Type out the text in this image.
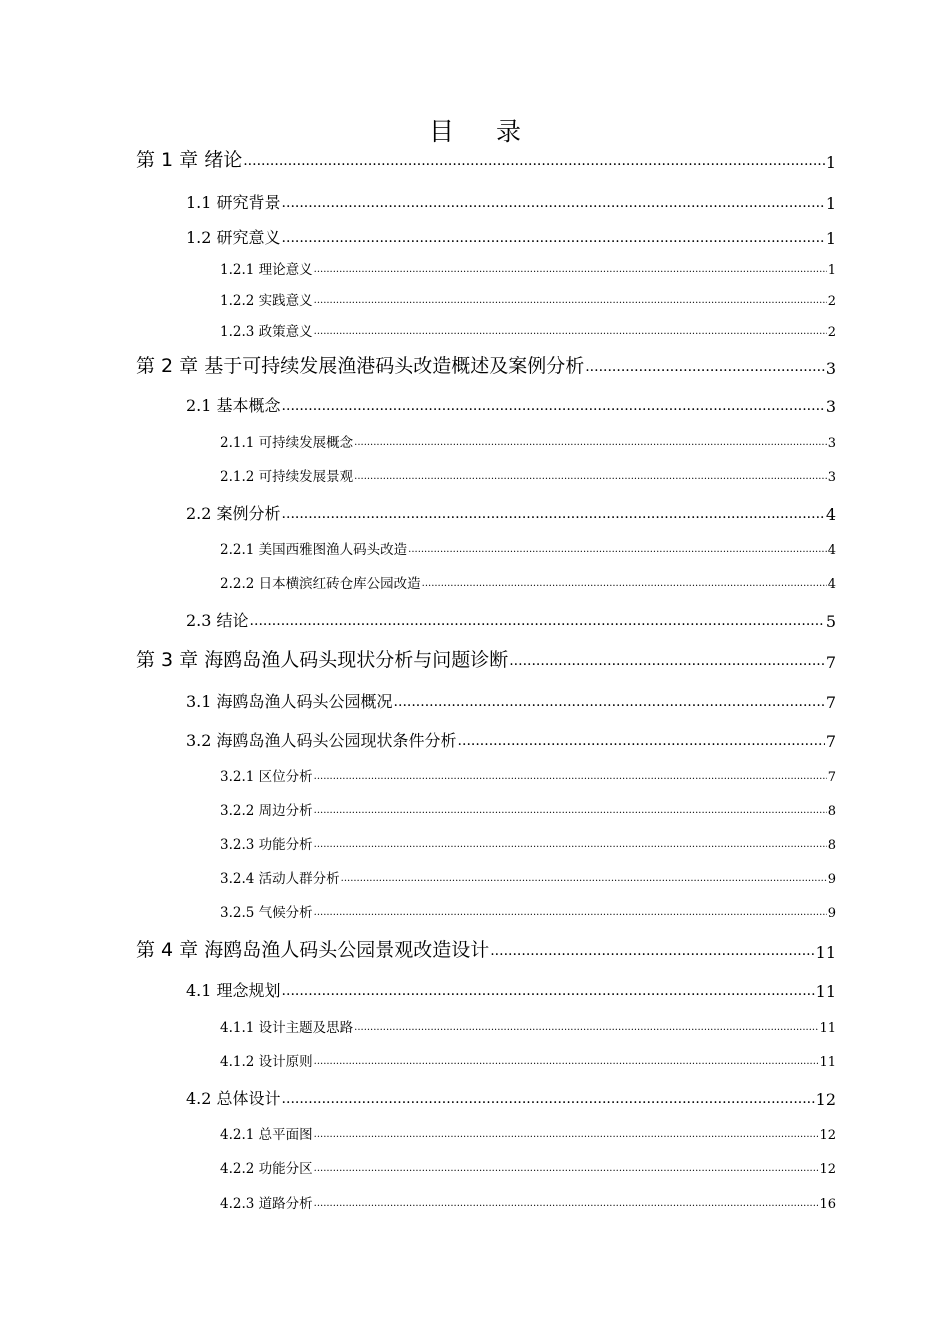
目 录
第 1 章 绪论 .....	1
1.1 研究背景 .....	1
1.2 研究意义 .....	1
1.2.1 理论意义 .....	1
1.2.2 实践意义 .....	2
1.2.3 政策意义 .....	2
第 2 章 基于可持续发展渔港码头改造概述及案例分析 .....	3
2.1 基本概念 .....	3
2.1.1 可持续发展概念 .....	3
2.1.2 可持续发展景观 .....	3
2.2 案例分析 .....	4
2.2.1 美国西雅图渔人码头改造 .....	4
2.2.2 日本横滨红砖仓库公园改造 .....	4
2.3 结论 .....	5
第 3 章 海鸥岛渔人码头现状分析与问题诊断 .....	7
3.1 海鸥岛渔人码头公园概况 .....	7
3.2 海鸥岛渔人码头公园现状条件分析 .....	7
3.2.1 区位分析 .....	7
3.2.2 周边分析 .....	8
3.2.3 功能分析 .....	8
3.2.4 活动人群分析 .....	9
3.2.5 气候分析 .....	9
第 4 章 海鸥岛渔人码头公园景观改造设计 .....	11
4.1 理念规划 .....	11
4.1.1 设计主题及思路 .....	11
4.1.2 设计原则 .....	11
4.2 总体设计 .....	12
4.2.1 总平面图 .....	12
4.2.2 功能分区 .....	12
4.2.3 道路分析 .....	16
